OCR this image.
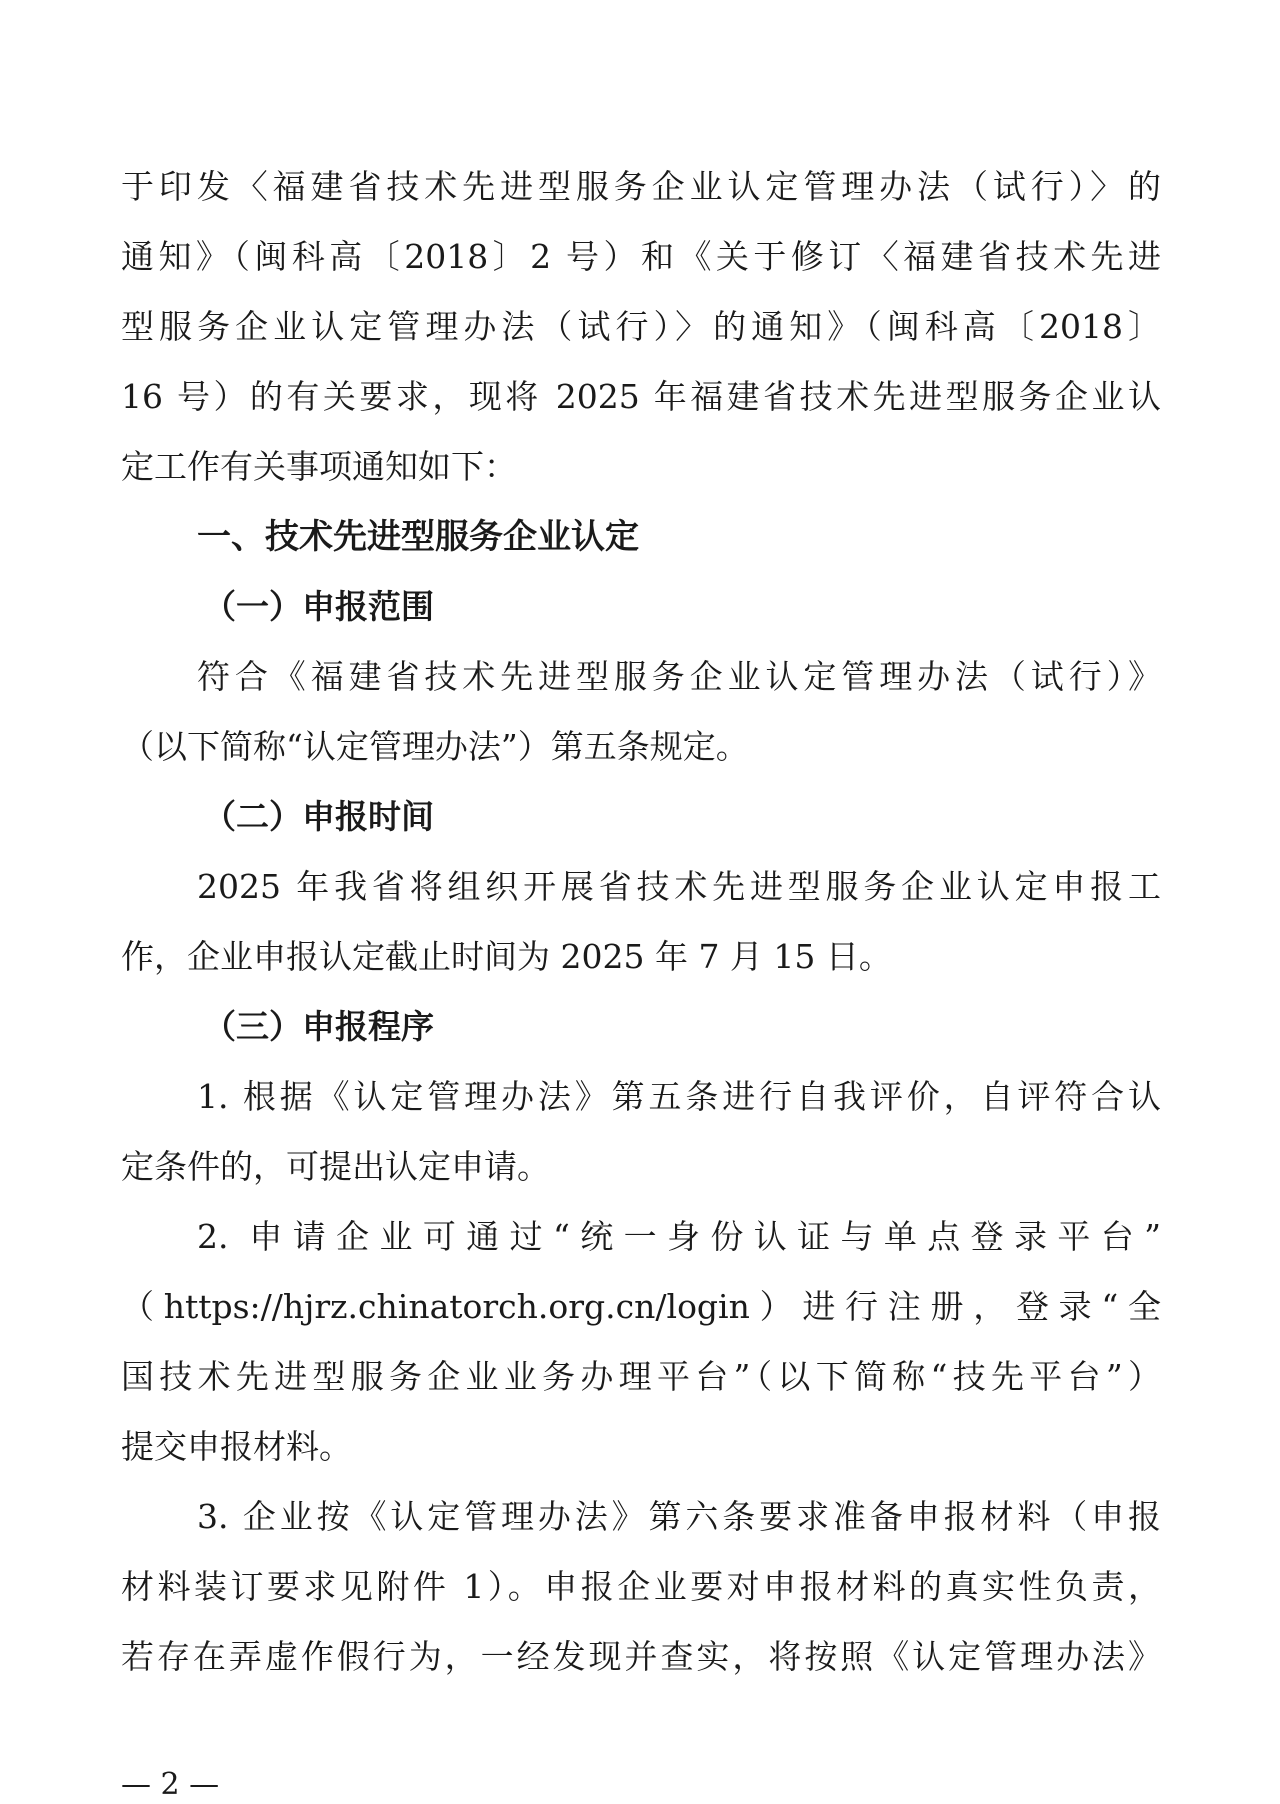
于印发〈福建省技术先进型服务企业认定管理办法（试行）〉的
通知》（闽科高〔2018〕2 号）和《关于修订〈福建省技术先进
型服务企业认定管理办法（试行）〉的通知》（闽科高〔2018〕
16 号）的有关要求，现将 2025 年福建省技术先进型服务企业认
定工作有关事项通知如下：
一、技术先进型服务企业认定
（一）申报范围
符合《福建省技术先进型服务企业认定管理办法（试行）》
（以下简称“认定管理办法”）第五条规定。
（二）申报时间
2025 年我省将组织开展省技术先进型服务企业认定申报工
作，企业申报认定截止时间为 2025 年 7 月 15 日。
（三）申报程序
1. 根据《认定管理办法》第五条进行自我评价，自评符合认
定条件的，可提出认定申请。
2. 申请企业可通过“统一身份认证与单点登录平台”
（https://hjrz.chinatorch.org.cn/login）进行注册，登录“全
国技术先进型服务企业业务办理平台”（以下简称“技先平台”）
提交申报材料。
3. 企业按《认定管理办法》第六条要求准备申报材料（申报
材料装订要求见附件 1）。申报企业要对申报材料的真实性负责，
若存在弄虚作假行为，一经发现并查实，将按照《认定管理办法》
— 2 —
